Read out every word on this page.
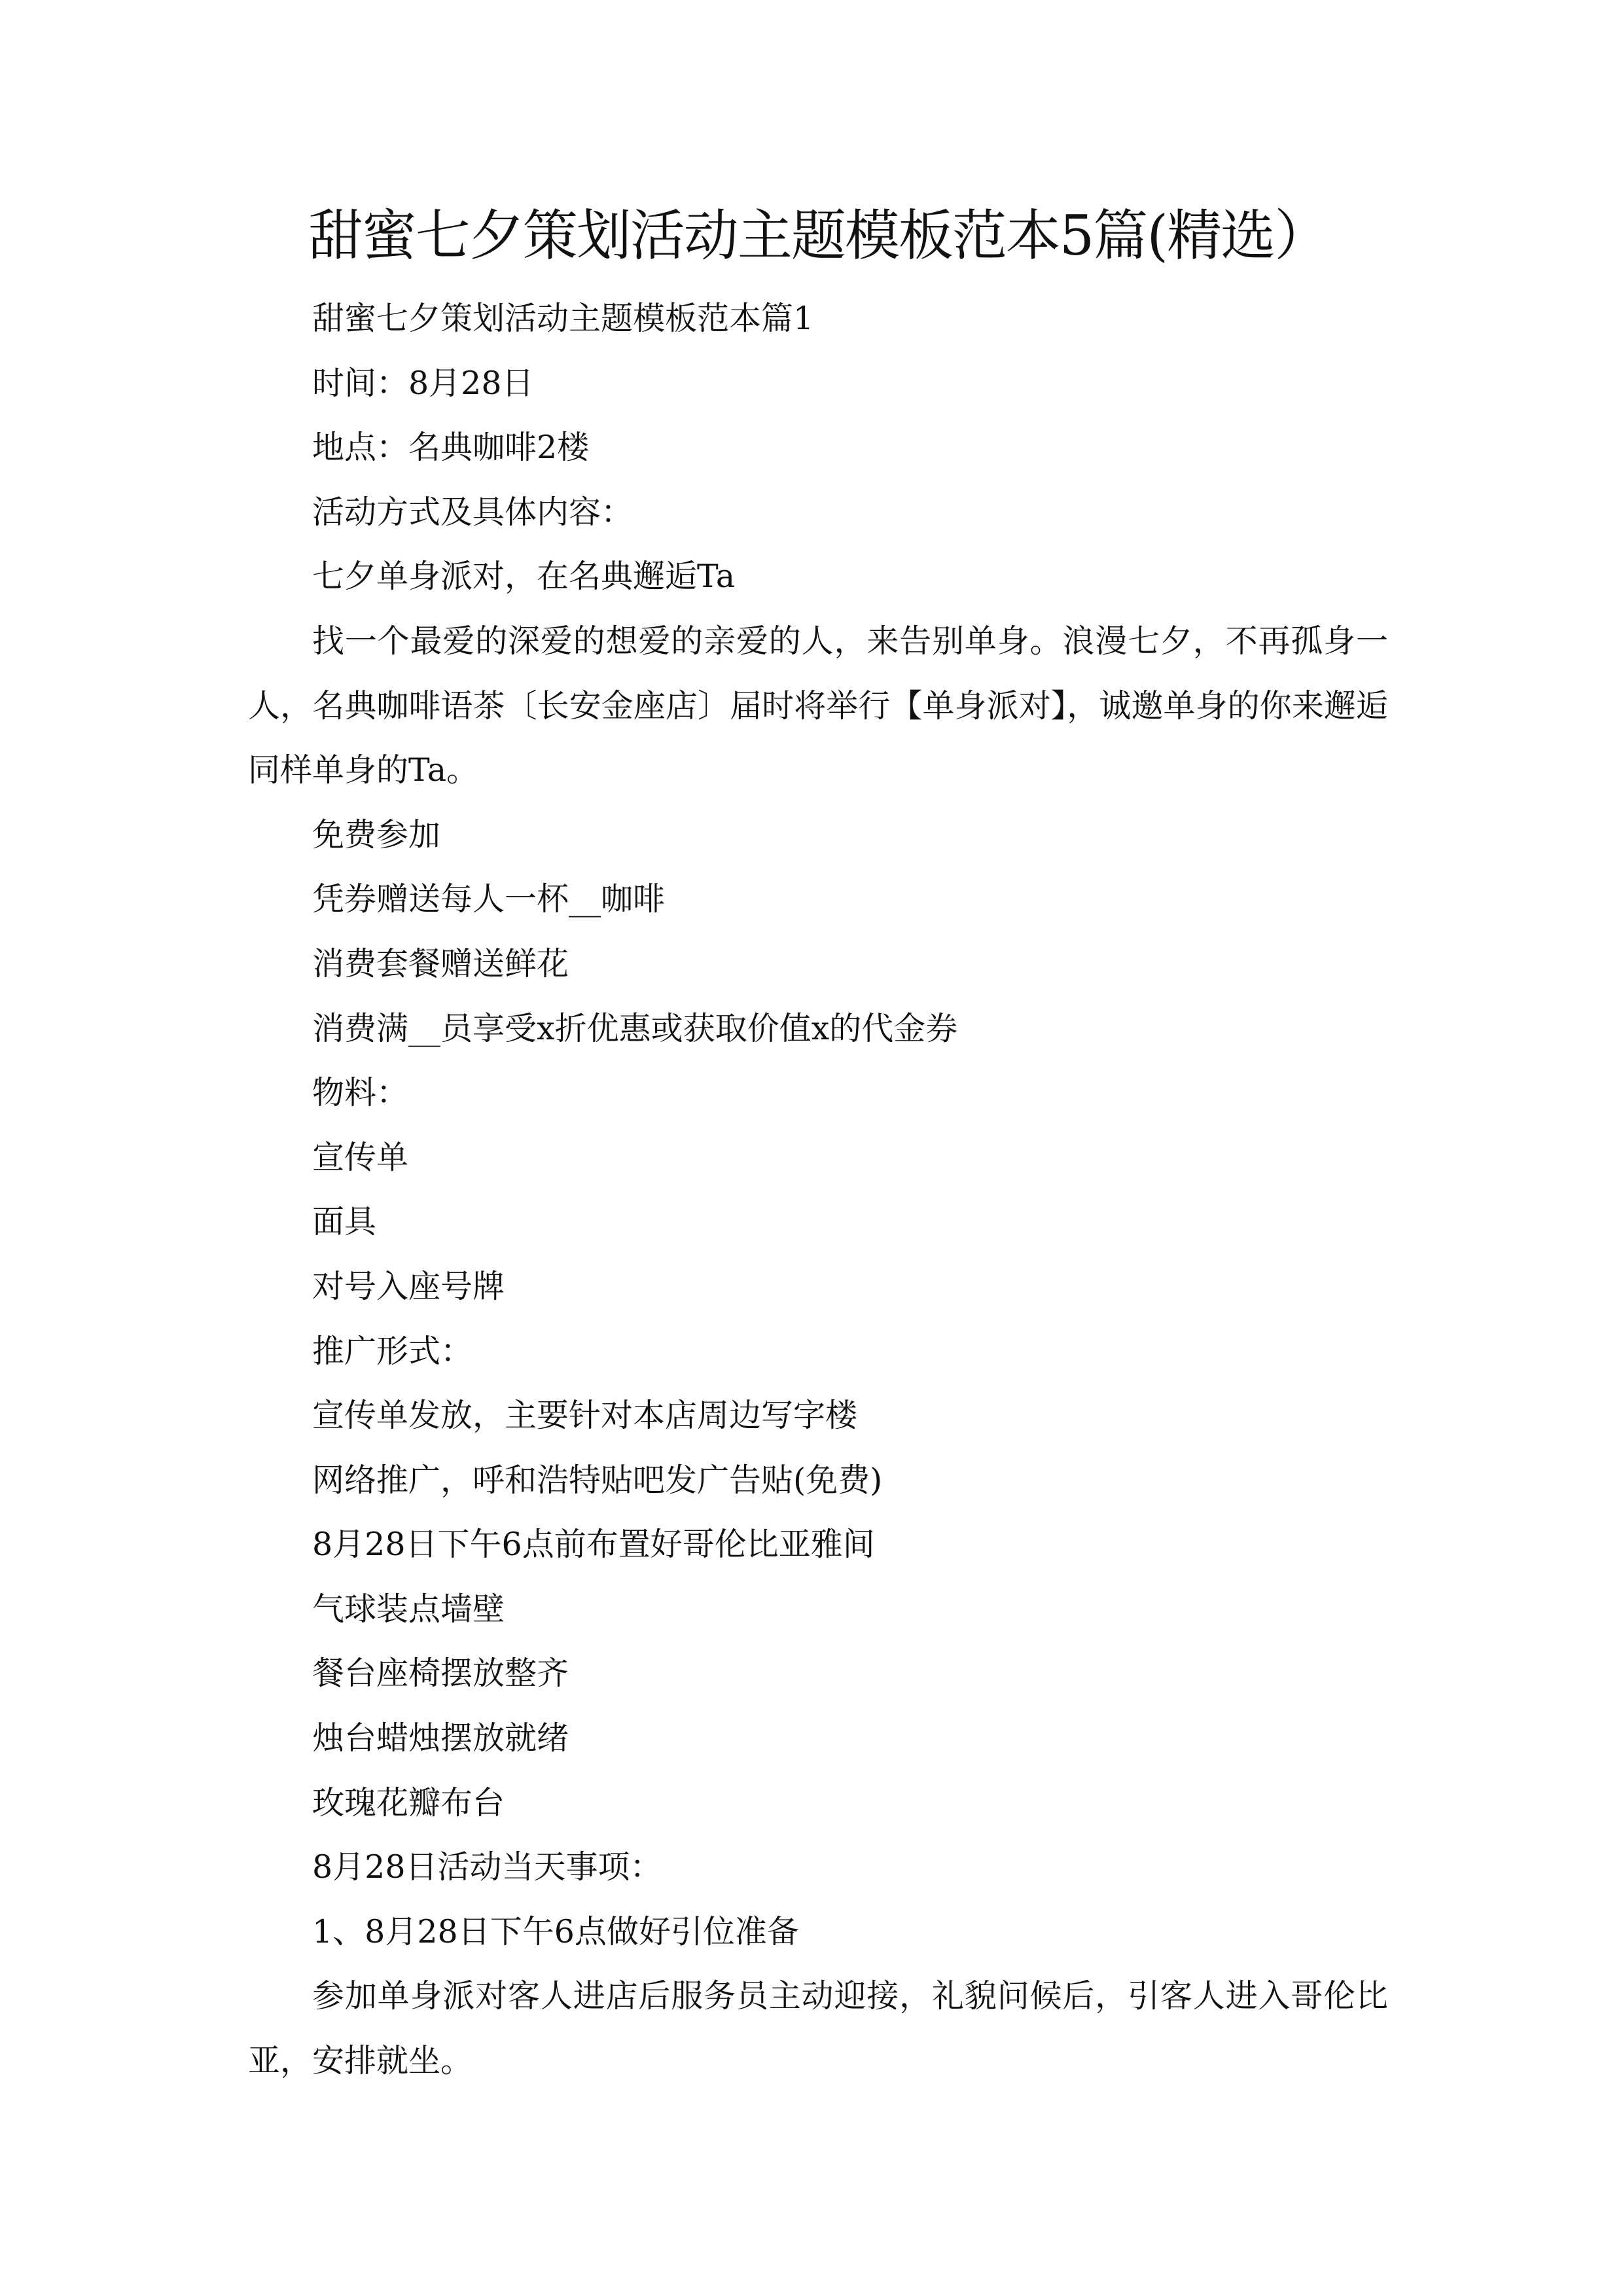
甜蜜七夕策划活动主题模板范本5篇(精选）

甜蜜七夕策划活动主题模板范本篇1

时间：8月28日

地点：名典咖啡2楼

活动方式及具体内容：

七夕单身派对，在名典邂逅Ta

找一个最爱的深爱的想爱的亲爱的人，来告别单身。浪漫七夕，不再孤身一人，名典咖啡语茶〔长安金座店〕届时将举行【单身派对】，诚邀单身的你来邂逅同样单身的Ta。

免费参加

凭券赠送每人一杯__咖啡

消费套餐赠送鲜花

消费满__员享受x折优惠或获取价值x的代金券

物料：

宣传单

面具

对号入座号牌

推广形式：

宣传单发放，主要针对本店周边写字楼

网络推广，呼和浩特贴吧发广告贴(免费)

8月28日下午6点前布置好哥伦比亚雅间

气球装点墙壁

餐台座椅摆放整齐

烛台蜡烛摆放就绪

玫瑰花瓣布台

8月28日活动当天事项：

1、8月28日下午6点做好引位准备

参加单身派对客人进店后服务员主动迎接，礼貌问候后，引客人进入哥伦比亚，安排就坐。
